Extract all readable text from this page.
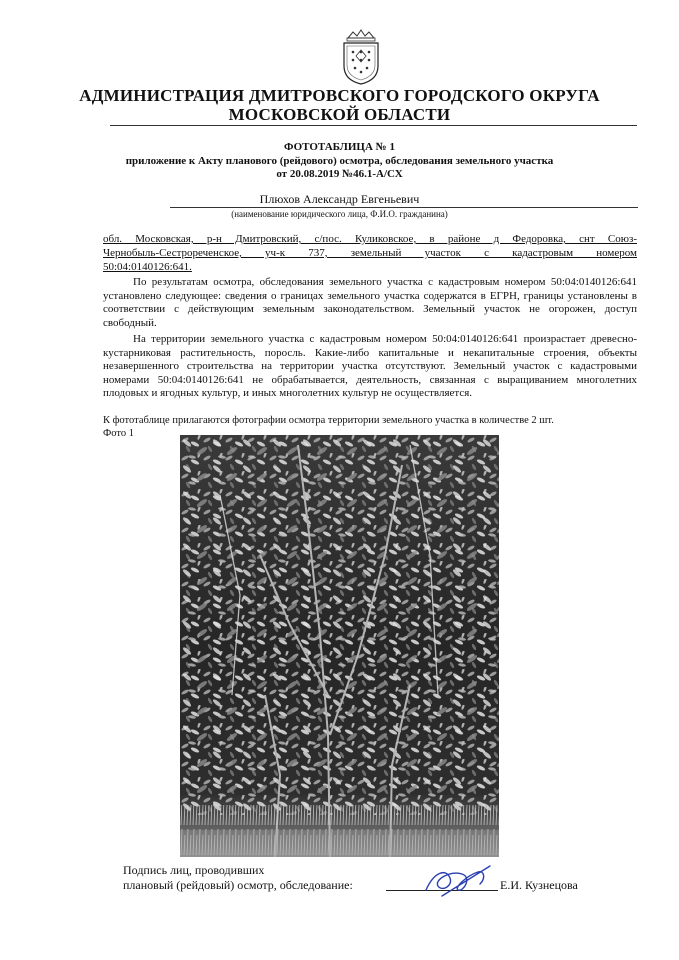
АДМИНИСТРАЦИЯ ДМИТРОВСКОГО ГОРОДСКОГО ОКРУГА
МОСКОВСКОЙ ОБЛАСТИ
ФОТОТАБЛИЦА № 1
приложение к Акту планового (рейдового) осмотра, обследования земельного участка
от 20.08.2019 №46.1-А/СХ
Плюхов Александр Евгеньевич
(наименование юридического лица, Ф.И.О. гражданина)
обл. Московская, р-н Дмитровский, с/пос. Куликовское, в районе д Федоровка, снт Союз-
Чернобыль-Сестрореченское, уч-к 737, земельный участок с кадастровым номером
50:04:0140126:641.
По результатам осмотра, обследования земельного участка с кадастровым номером 50:04:0140126:641 установлено следующее: сведения о границах земельного участка содержатся в ЕГРН, границы установлены в соответствии с действующим земельным законодательством. Земельный участок не огорожен, доступ свободный.
На территории земельного участка с кадастровым номером 50:04:0140126:641 произрастает древесно-кустарниковая растительность, поросль. Какие-либо капитальные и некапитальные строения, объекты незавершенного строительства на территории участка отсутствуют. Земельный участок с кадастровыми номерами 50:04:0140126:641 не обрабатывается, деятельность, связанная с выращиванием многолетних плодовых и ягодных культур, и иных многолетних культур не осуществляется.
К фототаблице прилагаются фотографии осмотра территории земельного участка в количестве 2 шт.
Фото 1
Подпись лиц, проводивших
плановый (рейдовый) осмотр, обследование:	Е.И. Кузнецова
